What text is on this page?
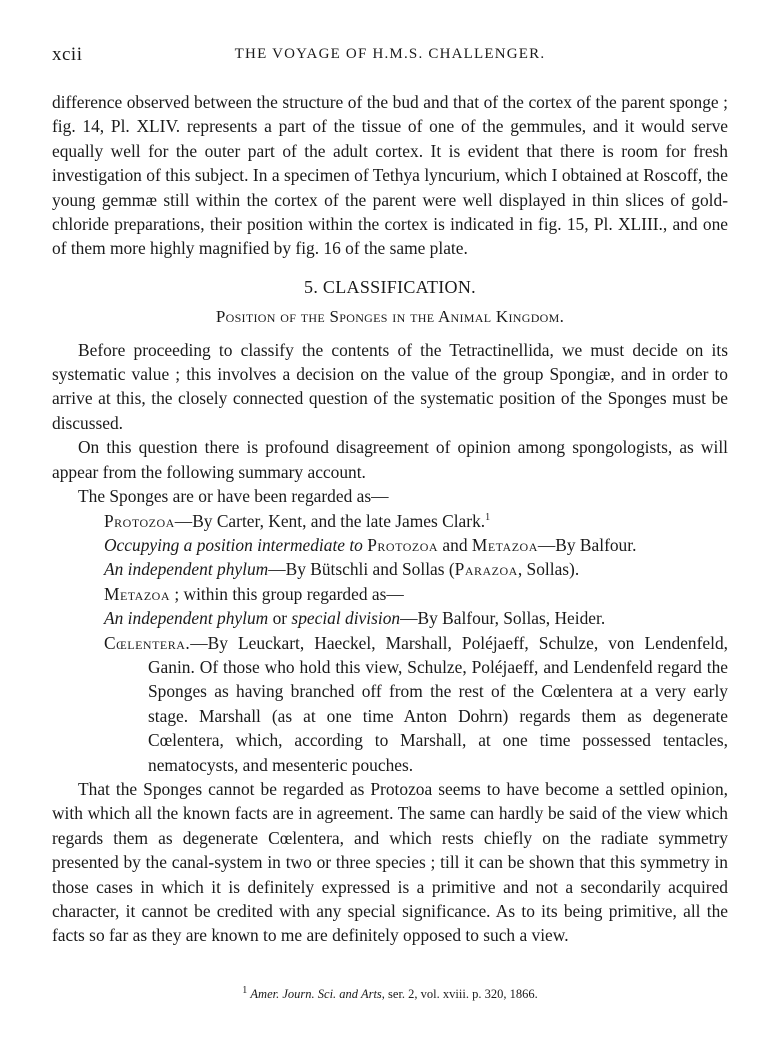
xcii	THE VOYAGE OF H.M.S. CHALLENGER.

difference observed between the structure of the bud and that of the cortex of the parent sponge ; fig. 14, Pl. XLIV. represents a part of the tissue of one of the gemmules, and it would serve equally well for the outer part of the adult cortex. It is evident that there is room for fresh investigation of this subject. In a specimen of Tethya lyncurium, which I obtained at Roscoff, the young gemmæ still within the cortex of the parent were well displayed in thin slices of gold-chloride preparations, their position within the cortex is indicated in fig. 15, Pl. XLIII., and one of them more highly magnified by fig. 16 of the same plate.

5. CLASSIFICATION.
Position of the Sponges in the Animal Kingdom.

Before proceeding to classify the contents of the Tetractinellida, we must decide on its systematic value ; this involves a decision on the value of the group Spongiæ, and in order to arrive at this, the closely connected question of the systematic position of the Sponges must be discussed.

On this question there is profound disagreement of opinion among spongologists, as will appear from the following summary account.

The Sponges are or have been regarded as—

Protozoa—By Carter, Kent, and the late James Clark.$^1$

Occupying a position intermediate to Protozoa and Metazoa—By Balfour.

An independent phylum—By Bütschli and Sollas (Parazoa, Sollas).

Metazoa ; within this group regarded as—

An independent phylum or special division—By Balfour, Sollas, Heider.

Cœlentera.—By Leuckart, Haeckel, Marshall, Poléjaeff, Schulze, von Lendenfeld, Ganin. Of those who hold this view, Schulze, Poléjaeff, and Lendenfeld regard the Sponges as having branched off from the rest of the Cœlentera at a very early stage. Marshall (as at one time Anton Dohrn) regards them as degenerate Cœlentera, which, according to Marshall, at one time possessed tentacles, nematocysts, and mesenteric pouches.

That the Sponges cannot be regarded as Protozoa seems to have become a settled opinion, with which all the known facts are in agreement. The same can hardly be said of the view which regards them as degenerate Cœlentera, and which rests chiefly on the radiate symmetry presented by the canal-system in two or three species ; till it can be shown that this symmetry in those cases in which it is definitely expressed is a primitive and not a secondarily acquired character, it cannot be credited with any special significance. As to its being primitive, all the facts so far as they are known to me are definitely opposed to such a view.

$^1$ Amer. Journ. Sci. and Arts, ser. 2, vol. xviii. p. 320, 1866.
